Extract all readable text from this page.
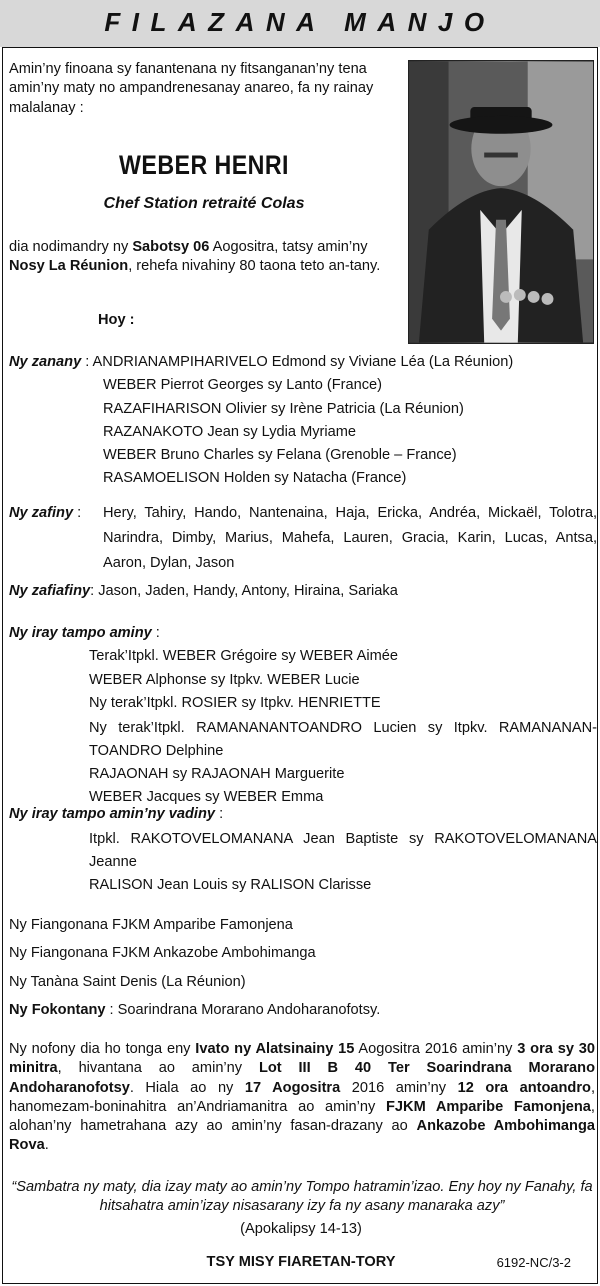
FILAZANA MANJO

Amin’ny finoana sy fanantenana ny fitsanganan’ny tena amin’ny maty no ampandrenesanay anareo, fa ny rainay malalanay :

WEBER HENRI
Chef Station retraité Colas

dia nodimandry ny Sabotsy 06 Aogositra, tatsy amin’ny Nosy La Réunion, rehefa nivahiny 80 taona teto an-tany.

Hoy :
Ny zanany : ANDRIANAMPIHARIVELO Edmond sy Viviane Léa (La Réunion)
WEBER Pierrot Georges sy Lanto (France)
RAZAFIHARISON Olivier sy Irène Patricia (La Réunion)
RAZANAKOTO Jean sy Lydia Myriame
WEBER Bruno Charles sy Felana (Grenoble – France)
RASAMOELISON Holden sy Natacha (France)
Ny zafiny :	Hery, Tahiry, Hando, Nantenaina, Haja, Ericka, Andréa, Mickaël, Tolotra, Narindra, Dimby, Marius, Mahefa, Lauren, Gracia, Karin, Lucas, Antsa, Aaron, Dylan, Jason
Ny zafiafiny: Jason, Jaden, Handy, Antony, Hiraina, Sariaka
Ny iray tampo aminy :
Terak’Itpkl. WEBER Grégoire sy WEBER Aimée
WEBER Alphonse sy Itpkv. WEBER Lucie
Ny terak’Itpkl. ROSIER sy Itpkv. HENRIETTE
Ny terak’Itpkl. RAMANANANTOANDRO Lucien sy Itpkv. RAMANANAN-TOANDRO Delphine
RAJAONAH sy RAJAONAH Marguerite
WEBER Jacques sy WEBER Emma
Ny iray tampo amin’ny vadiny :
Itpkl. RAKOTOVELOMANANA Jean Baptiste sy RAKOTOVELOMANANA Jeanne
RALISON Jean Louis sy RALISON Clarisse
Ny Fiangonana FJKM Amparibe Famonjena
Ny Fiangonana FJKM Ankazobe Ambohimanga
Ny Tanàna Saint Denis (La Réunion)
Ny Fokontany : Soarindrana Morarano Andoharanofotsy.

Ny nofony dia ho tonga eny Ivato ny Alatsinainy 15 Aogositra 2016 amin’ny 3 ora sy 30 minitra, hivantana ao amin’ny Lot III B 40 Ter Soarindrana Morarano Andoharanofotsy. Hiala ao ny 17 Aogositra 2016 amin’ny 12 ora antoandro, hanomezam-boninahitra an’Andriamanitra ao amin’ny FJKM Amparibe Famonjena, alohan’ny hametrahana azy ao amin’ny fasan-drazany ao Ankazobe Ambohimanga Rova.

“Sambatra ny maty, dia izay maty ao amin’ny Tompo hatramin’izao. Eny hoy ny Fanahy, fa hitsahatra amin’izay nisasarany izy fa ny asany manaraka azy”

(Apokalipsy 14-13)
TSY MISY FIARETAN-TORY	6192-NC/3-2
